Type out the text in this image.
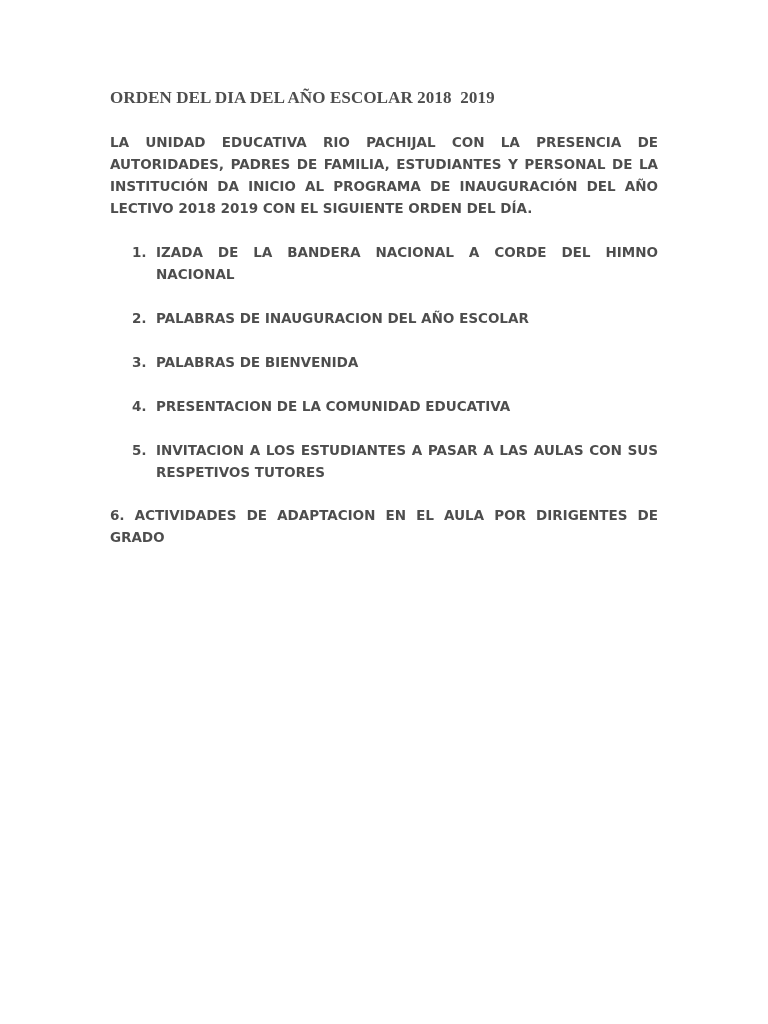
ORDEN DEL DIA DEL AÑO ESCOLAR 2018  2019

LA UNIDAD EDUCATIVA RIO PACHIJAL CON LA PRESENCIA DE AUTORIDADES, PADRES DE FAMILIA, ESTUDIANTES Y PERSONAL DE LA INSTITUCIÓN DA INICIO AL PROGRAMA DE INAUGURACIÓN DEL AÑO LECTIVO 2018 2019 CON EL SIGUIENTE ORDEN DEL DÍA.

1. IZADA DE LA BANDERA NACIONAL A CORDE DEL HIMNO NACIONAL
2. PALABRAS DE INAUGURACION DEL AÑO ESCOLAR
3. PALABRAS DE BIENVENIDA
4. PRESENTACION DE LA COMUNIDAD EDUCATIVA
5. INVITACION A LOS ESTUDIANTES A PASAR A LAS AULAS CON SUS RESPETIVOS TUTORES

6. ACTIVIDADES DE ADAPTACION EN EL AULA POR DIRIGENTES DE GRADO
